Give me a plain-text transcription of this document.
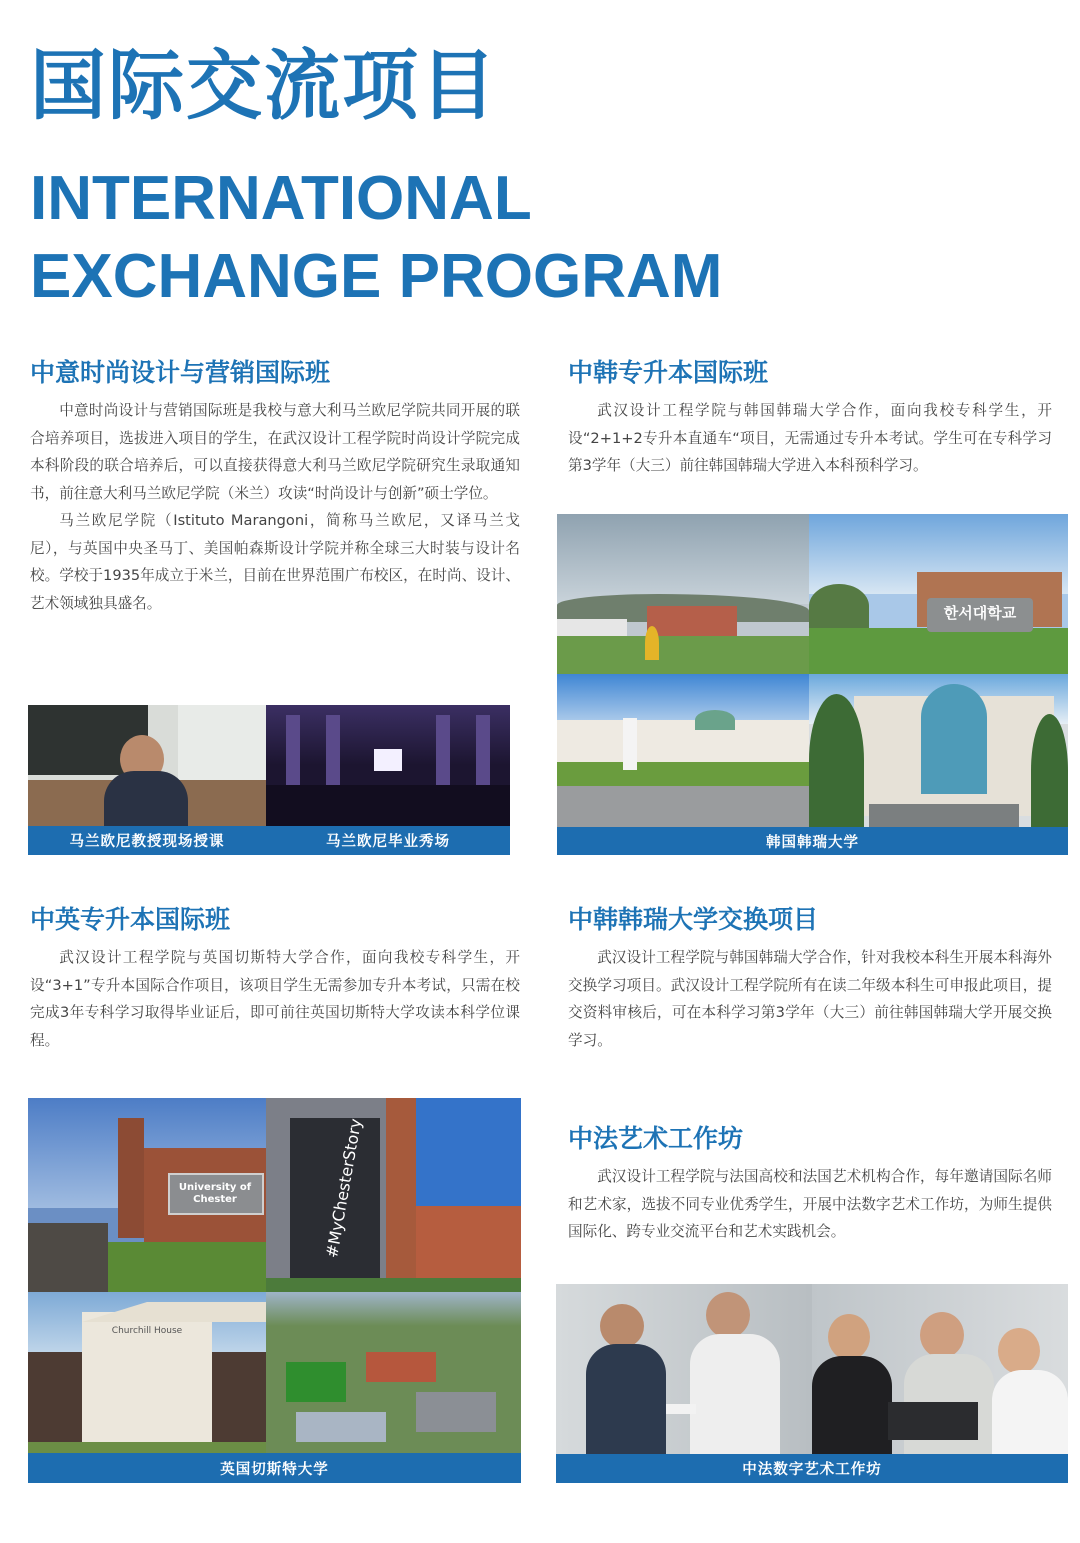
国际交流项目
INTERNATIONAL
EXCHANGE PROGRAM
中意时尚设计与营销国际班

中意时尚设计与营销国际班是我校与意大利马兰欧尼学院共同开展的联合培养项目，选拔进入项目的学生，在武汉设计工程学院时尚设计学院完成本科阶段的联合培养后，可以直接获得意大利马兰欧尼学院研究生录取通知书，前往意大利马兰欧尼学院（米兰）攻读“时尚设计与创新”硕士学位。

马兰欧尼学院（Istituto Marangoni，简称马兰欧尼，又译马兰戈尼），与英国中央圣马丁、美国帕森斯设计学院并称全球三大时装与设计名校。学校于1935年成立于米兰，目前在世界范围广布校区，在时尚、设计、艺术领域独具盛名。

马兰欧尼教授现场授课	马兰欧尼毕业秀场
中韩专升本国际班

武汉设计工程学院与韩国韩瑞大学合作，面向我校专科学生，开设“2+1+2专升本直通车“项目，无需通过专升本考试。学生可在专科学习第3学年（大三）前往韩国韩瑞大学进入本科预科学习。

한서대학교
韩国韩瑞大学
中英专升本国际班

武汉设计工程学院与英国切斯特大学合作，面向我校专科学生，开设“3+1”专升本国际合作项目，该项目学生无需参加专升本考试，只需在校完成3年专科学习取得毕业证后，即可前往英国切斯特大学攻读本科学位课程。

University of Chester	#MyChesterStory
Churchill House
英国切斯特大学
中韩韩瑞大学交换项目

武汉设计工程学院与韩国韩瑞大学合作，针对我校本科生开展本科海外交换学习项目。武汉设计工程学院所有在读二年级本科生可申报此项目，提交资料审核后，可在本科学习第3学年（大三）前往韩国韩瑞大学开展交换学习。

中法艺术工作坊

武汉设计工程学院与法国高校和法国艺术机构合作，每年邀请国际名师和艺术家，选拔不同专业优秀学生，开展中法数字艺术工作坊，为师生提供国际化、跨专业交流平台和艺术实践机会。

中法数字艺术工作坊
